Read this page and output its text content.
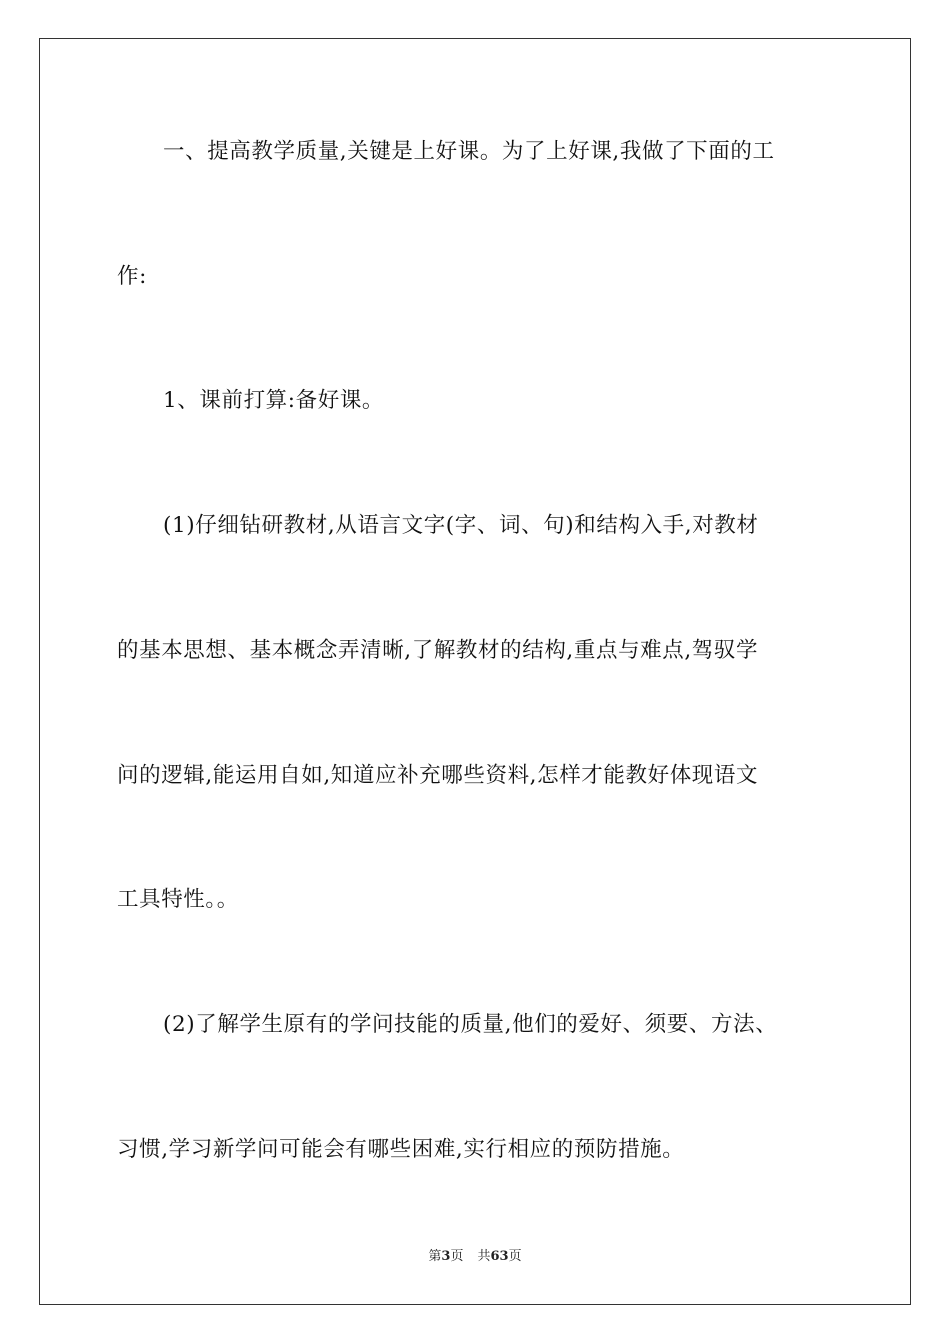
一、提高教学质量,关键是上好课。为了上好课,我做了下面的工
作:
1、课前打算:备好课。
(1)仔细钻研教材,从语言文字(字、词、句)和结构入手,对教材
的基本思想、基本概念弄清晰,了解教材的结构,重点与难点,驾驭学
问的逻辑,能运用自如,知道应补充哪些资料,怎样才能教好体现语文
工具特性。。
(2)了解学生原有的学问技能的质量,他们的爱好、须要、方法、
习惯,学习新学问可能会有哪些困难,实行相应的预防措施。
第3页 共63页
